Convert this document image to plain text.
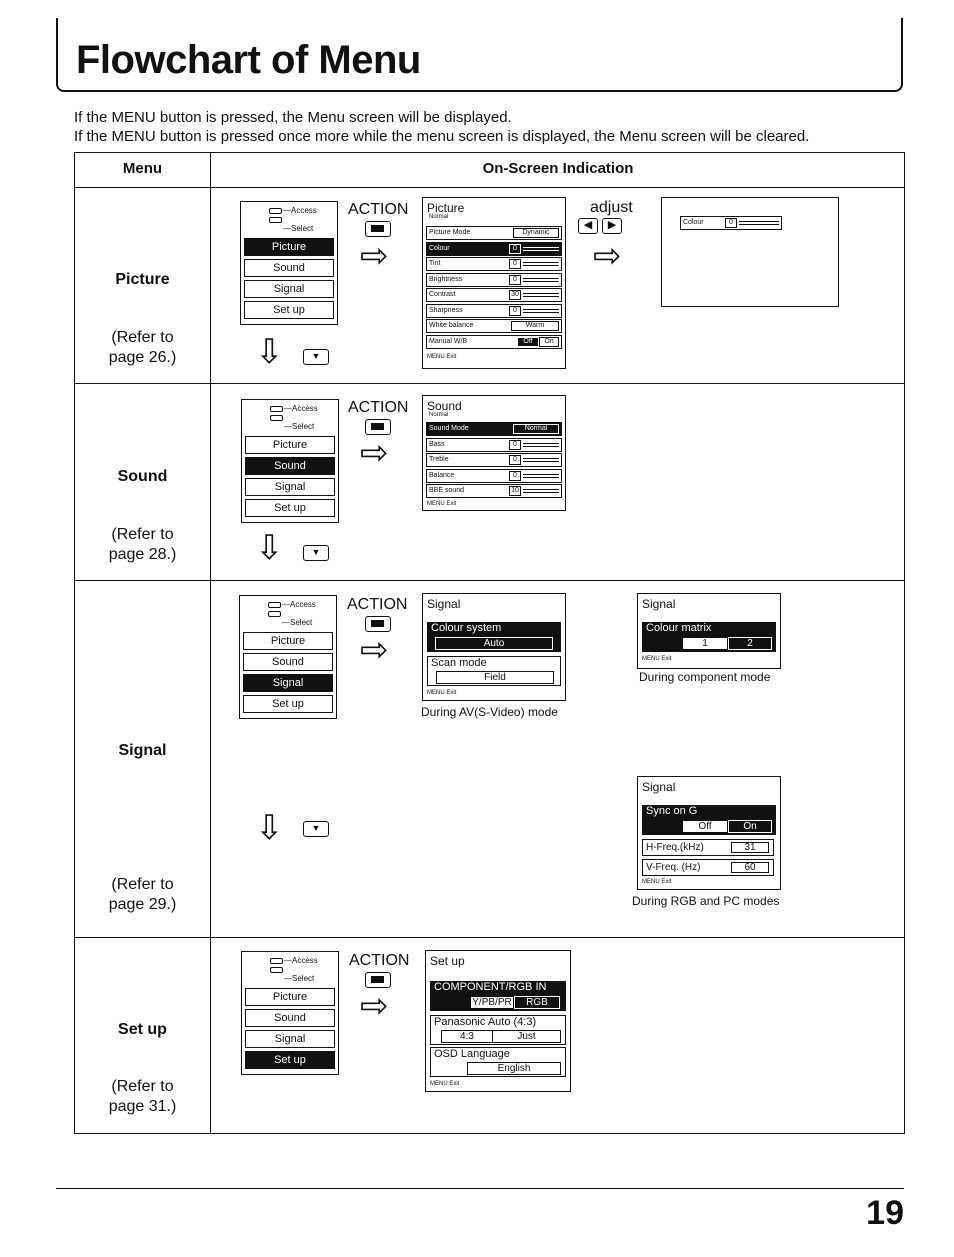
Flowchart of Menu
If the MENU button is pressed, the Menu screen will be displayed.
If the MENU button is pressed once more while the menu screen is displayed, the Menu screen will be cleared.
Menu	On-Screen Indication
Picture
(Refer to
page 26.)
—Access

—Select
Picture
Sound
Signal
Set up
ACTION
⇨
⇩	▼
Picture
Normal
Picture Mode	Dynamic
Colour	0
Tint	0
Brightness	0
Contrast	30
Sharpness	0
White balance	Warm
Manual W/B	Off	On
MENU Exit
adjust
◀	▶
⇨
Colour	0
Sound
(Refer to
page 28.)
—Access

—Select
Picture
Sound
Signal
Set up
ACTION
⇨
⇩	▼
Sound
Normal
Sound Mode	Normal
Bass	0
Treble	0
Balance	0
BBE sound	10
MENU Exit
Signal
(Refer to
page 29.)
—Access

—Select
Picture
Sound
Signal
Set up
ACTION
⇨
⇩	▼
Signal
Colour system
Auto
Scan mode
Field
MENU Exit
During AV(S-Video) mode
Signal
Colour matrix
1	2
MENU Exit
During component mode
Signal
Sync on G
Off	On
H-Freq.(kHz)	31
V-Freq. (Hz)	60
MENU Exit
During RGB and PC modes
Set up
(Refer to
page 31.)
—Access

—Select
Picture
Sound
Signal
Set up
ACTION
⇨
Set up
COMPONENT/RGB IN
Y/PB/PR	RGB
Panasonic Auto (4:3)
4:3	Just
OSD Language
English
MENU Exit
19
